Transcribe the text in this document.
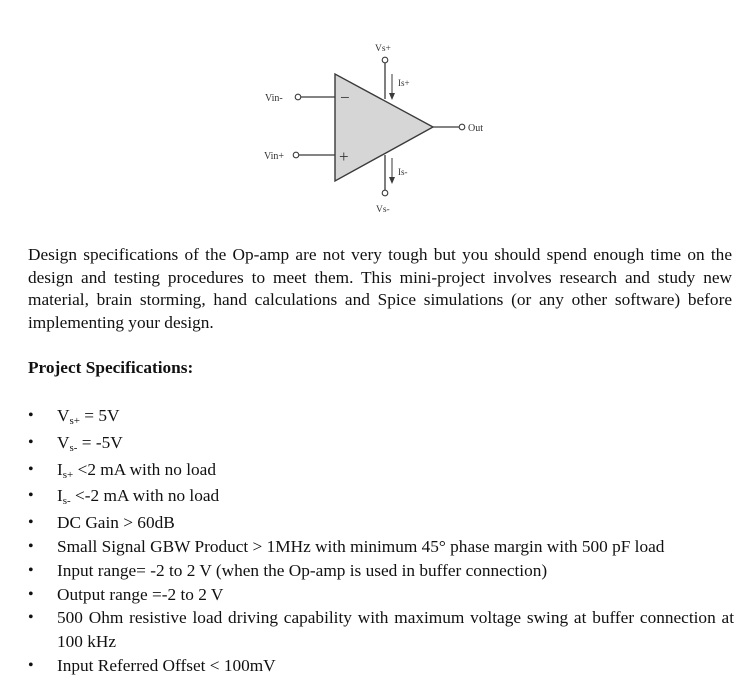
−
+
Vs+
Vs-
Vin-
Vin+
Out
Is+
Is-

Design specifications of the Op-amp are not very tough but you should spend enough time on the design and testing procedures to meet them. This mini-project involves research and study new material, brain storming, hand calculations and Spice simulations (or any other software) before implementing your design.

Project Specifications:

• Vs+ = 5V
• Vs- = -5V
• Is+ <2 mA with no load
• Is- <-2 mA with no load
• DC Gain > 60dB
• Small Signal GBW Product > 1MHz with minimum 45° phase margin with 500 pF load
• Input range= -2 to 2 V (when the Op-amp is used in buffer connection)
• Output range =-2 to 2 V
• 500 Ohm resistive load driving capability with maximum voltage swing at buffer connection at 100 kHz
• Input Referred Offset < 100mV
